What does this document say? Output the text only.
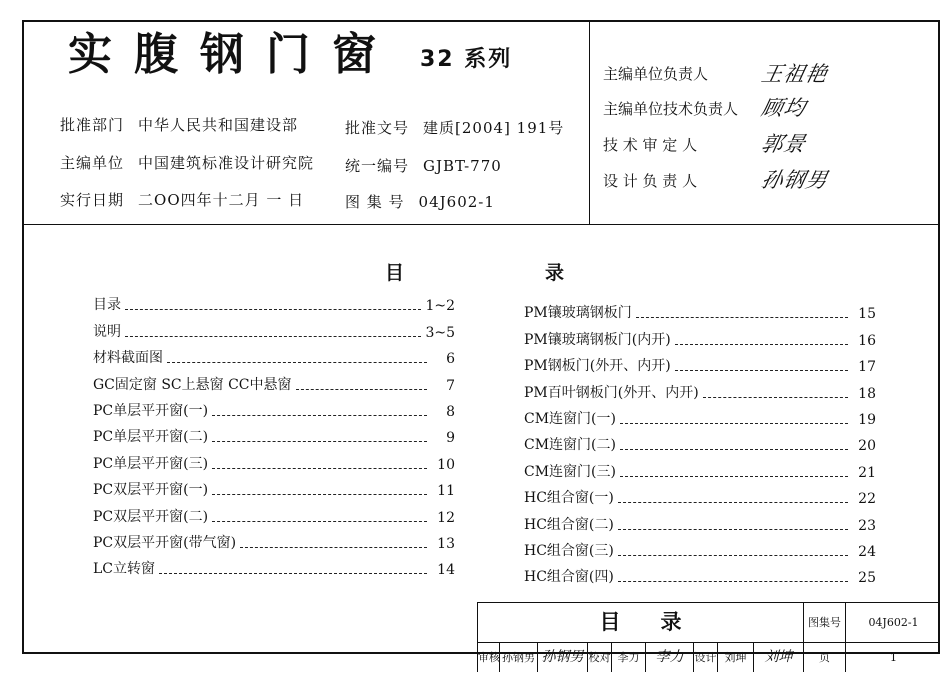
实腹钢门窗 32 系列
批准部门 中华人民共和国建设部
主编单位 中国建筑标准设计研究院
实行日期 二OO四年十二月 一 日
批准文号 建质[2004] 191号
统一编号 GJBT-770
图 集 号 04J602-1
主编单位负责人	王祖艳
主编单位技术负责人	顾均
技 术 审 定 人	郭景
设 计 负 责 人	孙钢男
目	录
目录	1~2
说明	3~5
材料截面图	6
GC固定窗 SC上悬窗 CC中悬窗	7
PC单层平开窗(一)	8
PC单层平开窗(二)	9
PC单层平开窗(三)	10
PC双层平开窗(一)	11
PC双层平开窗(二)	12
PC双层平开窗(带气窗)	13
LC立转窗	14
PM镶玻璃钢板门	15
PM镶玻璃钢板门(内开)	16
PM钢板门(外开、内开)	17
PM百叶钢板门(外开、内开)	18
CM连窗门(一)	19
CM连窗门(二)	20
CM连窗门(三)	21
HC组合窗(一)	22
HC组合窗(二)	23
HC组合窗(三)	24
HC组合窗(四)	25
目录	图集号	04J602-1
审核 孙钢男 孙钢男 校对 李力	李力	设计 刘坤	刘坤	页	1
